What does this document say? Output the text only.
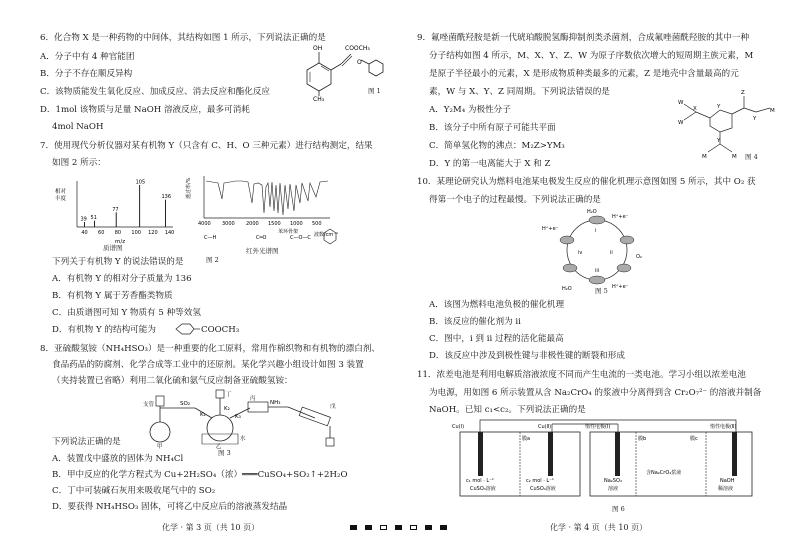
6．化合物 X 是一种药物的中间体，其结构如图 1 所示，下列说法正确的是
A．分子中有 4 种官能团
B．分子不存在顺反异构
C．该物质能发生氧化反应、加成反应、消去反应和酯化反应
D．1mol 该物质与足量 NaOH 溶液反应，最多可消耗
4mol NaOH
OH	COOCH₃
O
CH₃
图 1
7．使用现代分析仪器对某有机物 Y（只含有 C、H、O 三种元素）进行结构测定，结果
如图 2 所示：
39 51
77
105
136
40 60 80 100 120 140
相对
丰度
m/z
质谱图
透过率/%
4000 3000 2000 1500 1000 500
波数/cm⁻¹
C—H	C═O
苯环骨架
C—O—C
红外光谱图
图 2
下列关于有机物 Y 的说法错误的是
A．有机物 Y 的相对分子质量为 136
B．有机物 Y 属于芳香酯类物质
C．由质谱图可知 Y 物质有 5 种等效氢
D．有机物 Y 的结构可能为	COOCH₃
8．亚硫酸氢铵（NH₄HSO₃）是一种重要的化工原料，常用作棉织物和有机物的漂白剂、
食品药品的防腐剂、化学合成等工业中的还原剂。某化学兴趣小组设计如图 3 装置
（夹持装置已省略）利用二氧化硫和氨气反应制备亚硫酸氢铵：
支管
甲
SO₂
K₁
丁
K₂
K₃
丙
NH₃
戊
水
乙
图 3
下列说法正确的是
A．装置戊中盛放的固体为 NH₄Cl
B．甲中反应的化学方程式为 Cu+2H₂SO₄（浓）═══CuSO₄+SO₂↑+2H₂O
C．丁中可装碱石灰用来吸收尾气中的 SO₂
D．要获得 NH₄HSO₃ 固体，可将乙中反应后的溶液蒸发结晶
化学 · 第 3 页（共 10 页）
9．氟唑菌酰羟胺是新一代琥珀酸脱氢酶抑制剂类杀菌剂，合成氟唑菌酰羟胺的其中一种
分子结构如图 4 所示，M、X、Y、Z、W 为原子序数依次增大的短周期主族元素，M
是原子半径最小的元素，X 是形成物质种类最多的元素，Z 是地壳中含量最高的元
素，W 与 X、Y、Z 同周期。下列说法错误的是
A．Y₂M₄ 为极性分子
B．该分子中所有原子可能共平面
C．简单氢化物的沸点：M₂Z>YM₃
D．Y 的第一电离能大于 X 和 Z
W
W
X	Y
Z
Y
M
Y
M	M 图 4
10．某理论研究认为燃料电池某电极发生反应的催化机理示意图如图 5 所示，其中 O₂ 获
得第一个电子的过程最慢。下列说法正确的是
H₂O
H⁺+e⁻
H⁺+e⁻
O₂
H⁺+e⁻
H₂O
i
ii
iii
iv
图 5
A．该图为燃料电池负极的催化机理
B．该反应的催化剂为 ii
C．图中，i 到 ii 过程的活化能最高
D．该反应中涉及到极性键与非极性键的断裂和形成
11．浓差电池是利用电解质溶液浓度不同而产生电流的一类电池。学习小组以浓差电池
为电源，用如图 6 所示装置从含 Na₂CrO₄ 的浆液中分离得到含 Cr₂O₇²⁻ 的溶液并制备
NaOH。已知 c₁<c₂。下列说法正确的是
Cu(Ⅰ)	Cu(Ⅱ)
膜a
惰性电极(Ⅰ)	惰性电极(Ⅱ)
膜b	膜c
c₁ mol · L⁻¹
CuSO₄溶液
c₂ mol · L⁻¹
CuSO₄溶液
Na₂SO₄
溶液
含Na₂CrO₄浆液
NaOH
稀溶液
图 6
化学 · 第 4 页（共 10 页）
